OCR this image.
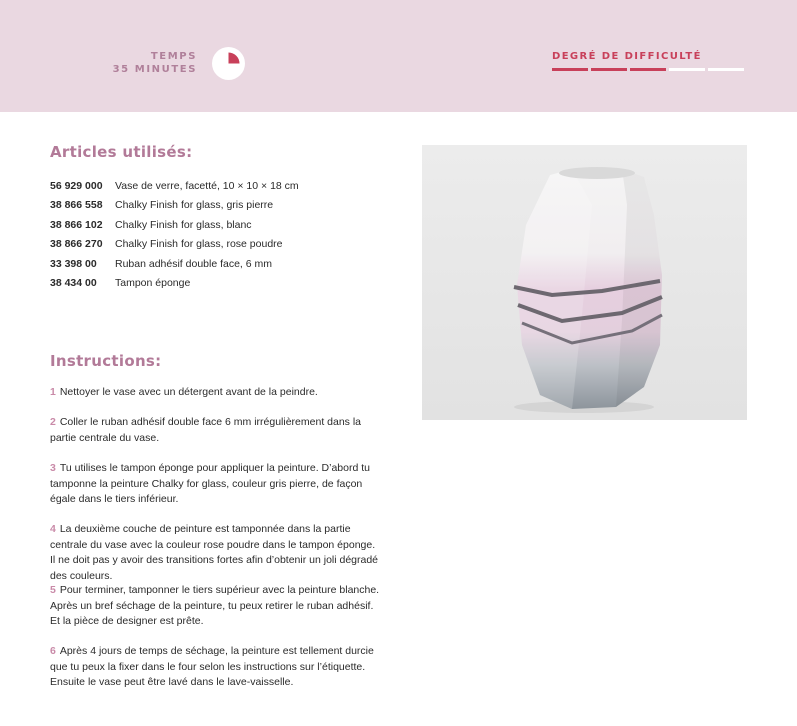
TEMPS
35 MINUTES
DEGRÉ DE DIFFICULTÉ
Articles utilisés:
56 929 000	Vase de verre, facetté, 10 × 10 × 18 cm
38 866 558	Chalky Finish for glass, gris pierre
38 866 102	Chalky Finish for glass, blanc
38 866 270	Chalky Finish for glass, rose poudre
33 398 00	Ruban adhésif double face, 6 mm
38 434 00	Tampon éponge
Instructions:
1 Nettoyer le vase avec un détergent avant de la peindre.
2 Coller le ruban adhésif double face 6 mm irrégulièrement dans la partie centrale du vase.
3 Tu utilises le tampon éponge pour appliquer la peinture. D’abord tu tamponne la peinture Chalky for glass, couleur gris pierre, de façon égale dans le tiers inférieur.
4 La deuxième couche de peinture est tamponnée dans la partie centrale du vase avec la couleur rose poudre dans le tampon éponge. Il ne doit pas y avoir des transitions fortes afin d’obtenir un joli dégradé des couleurs.
5 Pour terminer, tamponner le tiers supérieur avec la peinture blanche. Après un bref séchage de la peinture, tu peux retirer le ruban adhésif. Et la pièce de designer est prête.
6 Après 4 jours de temps de séchage, la peinture est tellement durcie que tu peux la fixer dans le four selon les instructions sur l’étiquette. Ensuite le vase peut être lavé dans le lave-vaisselle.
